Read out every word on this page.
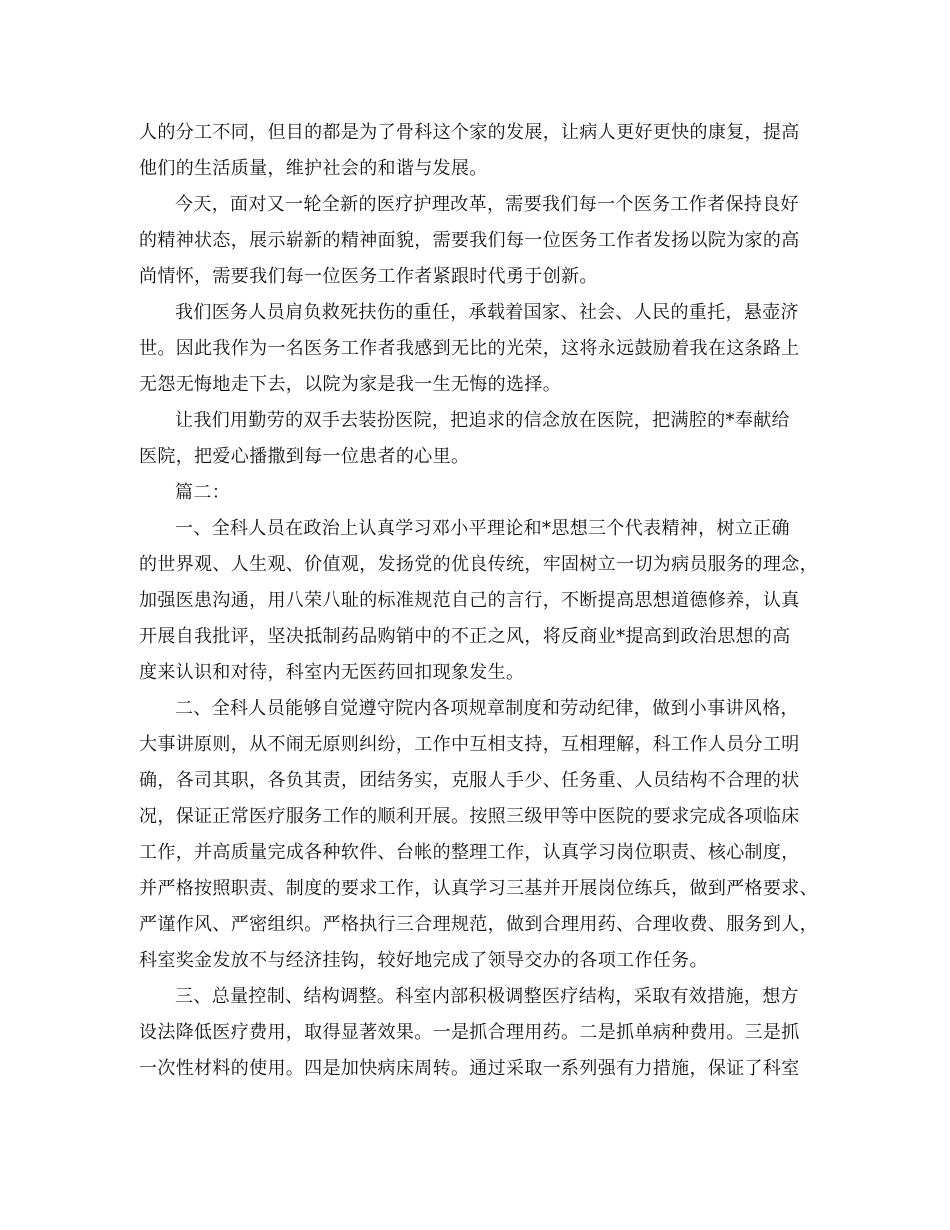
人的分工不同，但目的都是为了骨科这个家的发展，让病人更好更快的康复，提高
他们的生活质量，维护社会的和谐与发展。
今天，面对又一轮全新的医疗护理改革，需要我们每一个医务工作者保持良好
的精神状态，展示崭新的精神面貌，需要我们每一位医务工作者发扬以院为家的高
尚情怀，需要我们每一位医务工作者紧跟时代勇于创新。
我们医务人员肩负救死扶伤的重任，承载着国家、社会、人民的重托，悬壶济
世。因此我作为一名医务工作者我感到无比的光荣，这将永远鼓励着我在这条路上
无怨无悔地走下去，以院为家是我一生无悔的选择。
让我们用勤劳的双手去装扮医院，把追求的信念放在医院，把满腔的*奉献给
医院，把爱心播撒到每一位患者的心里。
篇二：
一、全科人员在政治上认真学习邓小平理论和*思想三个代表精神，树立正确
的世界观、人生观、价值观，发扬党的优良传统，牢固树立一切为病员服务的理念，
加强医患沟通，用八荣八耻的标准规范自己的言行，不断提高思想道德修养，认真
开展自我批评，坚决抵制药品购销中的不正之风，将反商业*提高到政治思想的高
度来认识和对待，科室内无医药回扣现象发生。
二、全科人员能够自觉遵守院内各项规章制度和劳动纪律，做到小事讲风格，
大事讲原则，从不闹无原则纠纷，工作中互相支持，互相理解，科工作人员分工明
确，各司其职，各负其责，团结务实，克服人手少、任务重、人员结构不合理的状
况，保证正常医疗服务工作的顺利开展。按照三级甲等中医院的要求完成各项临床
工作，并高质量完成各种软件、台帐的整理工作，认真学习岗位职责、核心制度，
并严格按照职责、制度的要求工作，认真学习三基并开展岗位练兵，做到严格要求、
严谨作风、严密组织。严格执行三合理规范，做到合理用药、合理收费、服务到人，
科室奖金发放不与经济挂钩，较好地完成了领导交办的各项工作任务。
三、总量控制、结构调整。科室内部积极调整医疗结构，采取有效措施，想方
设法降低医疗费用，取得显著效果。一是抓合理用药。二是抓单病种费用。三是抓
一次性材料的使用。四是加快病床周转。通过采取一系列强有力措施，保证了科室
